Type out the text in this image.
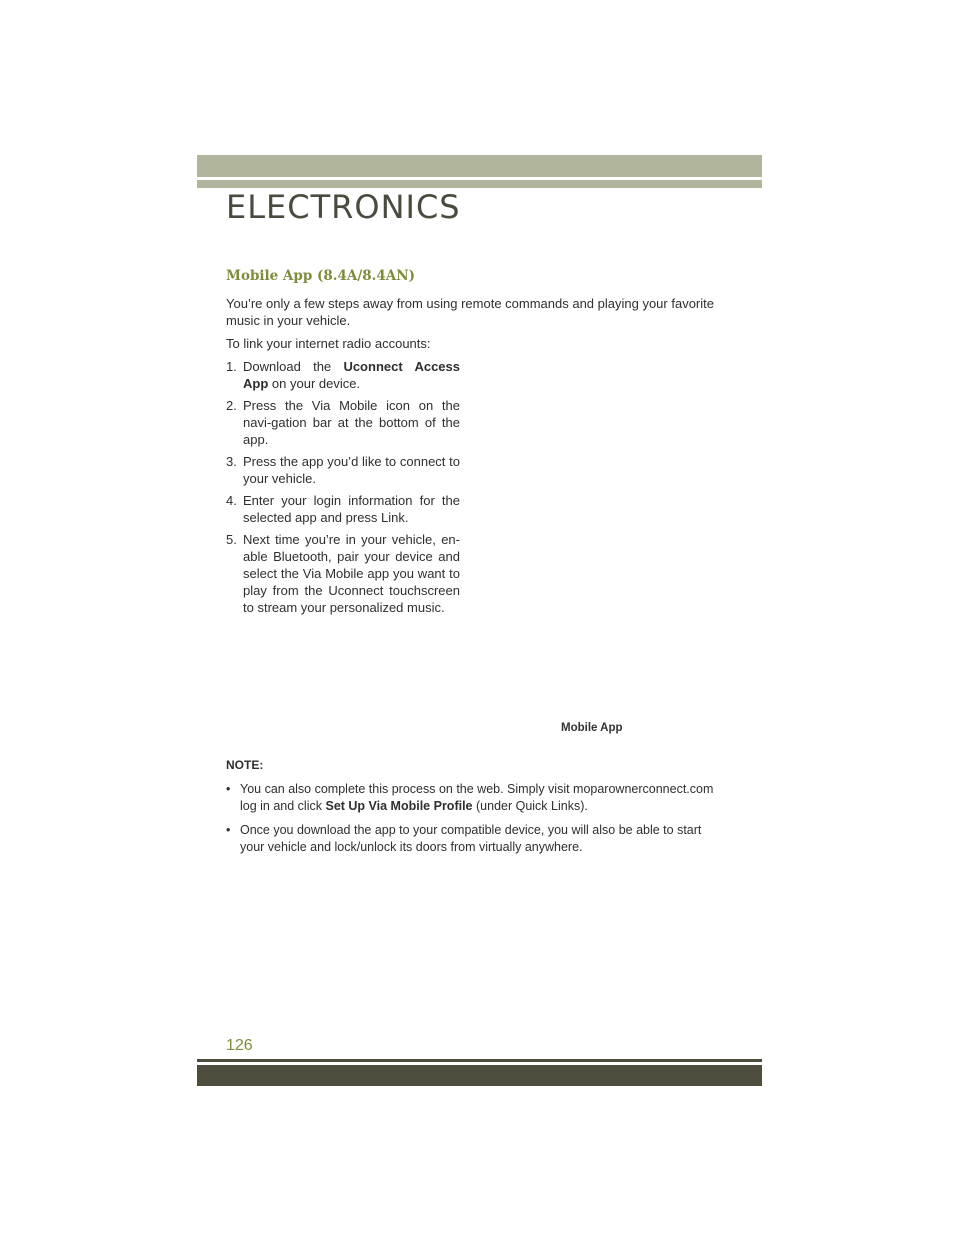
ELECTRONICS
Mobile App (8.4A/8.4AN)
You’re only a few steps away from using remote commands and playing your favorite music in your vehicle.
To link your internet radio accounts:
1. Download the Uconnect Access App on your device.
2. Press the Via Mobile icon on the navi-gation bar at the bottom of the app.
3. Press the app you’d like to connect to your vehicle.
4. Enter your login information for the selected app and press Link.
5. Next time you’re in your vehicle, en-able Bluetooth, pair your device and select the Via Mobile app you want to play from the Uconnect touchscreen to stream your personalized music.
Mobile App
NOTE:
• You can also complete this process on the web. Simply visit moparownerconnect.com log in and click Set Up Via Mobile Profile (under Quick Links).
• Once you download the app to your compatible device, you will also be able to start your vehicle and lock/unlock its doors from virtually anywhere.
126
